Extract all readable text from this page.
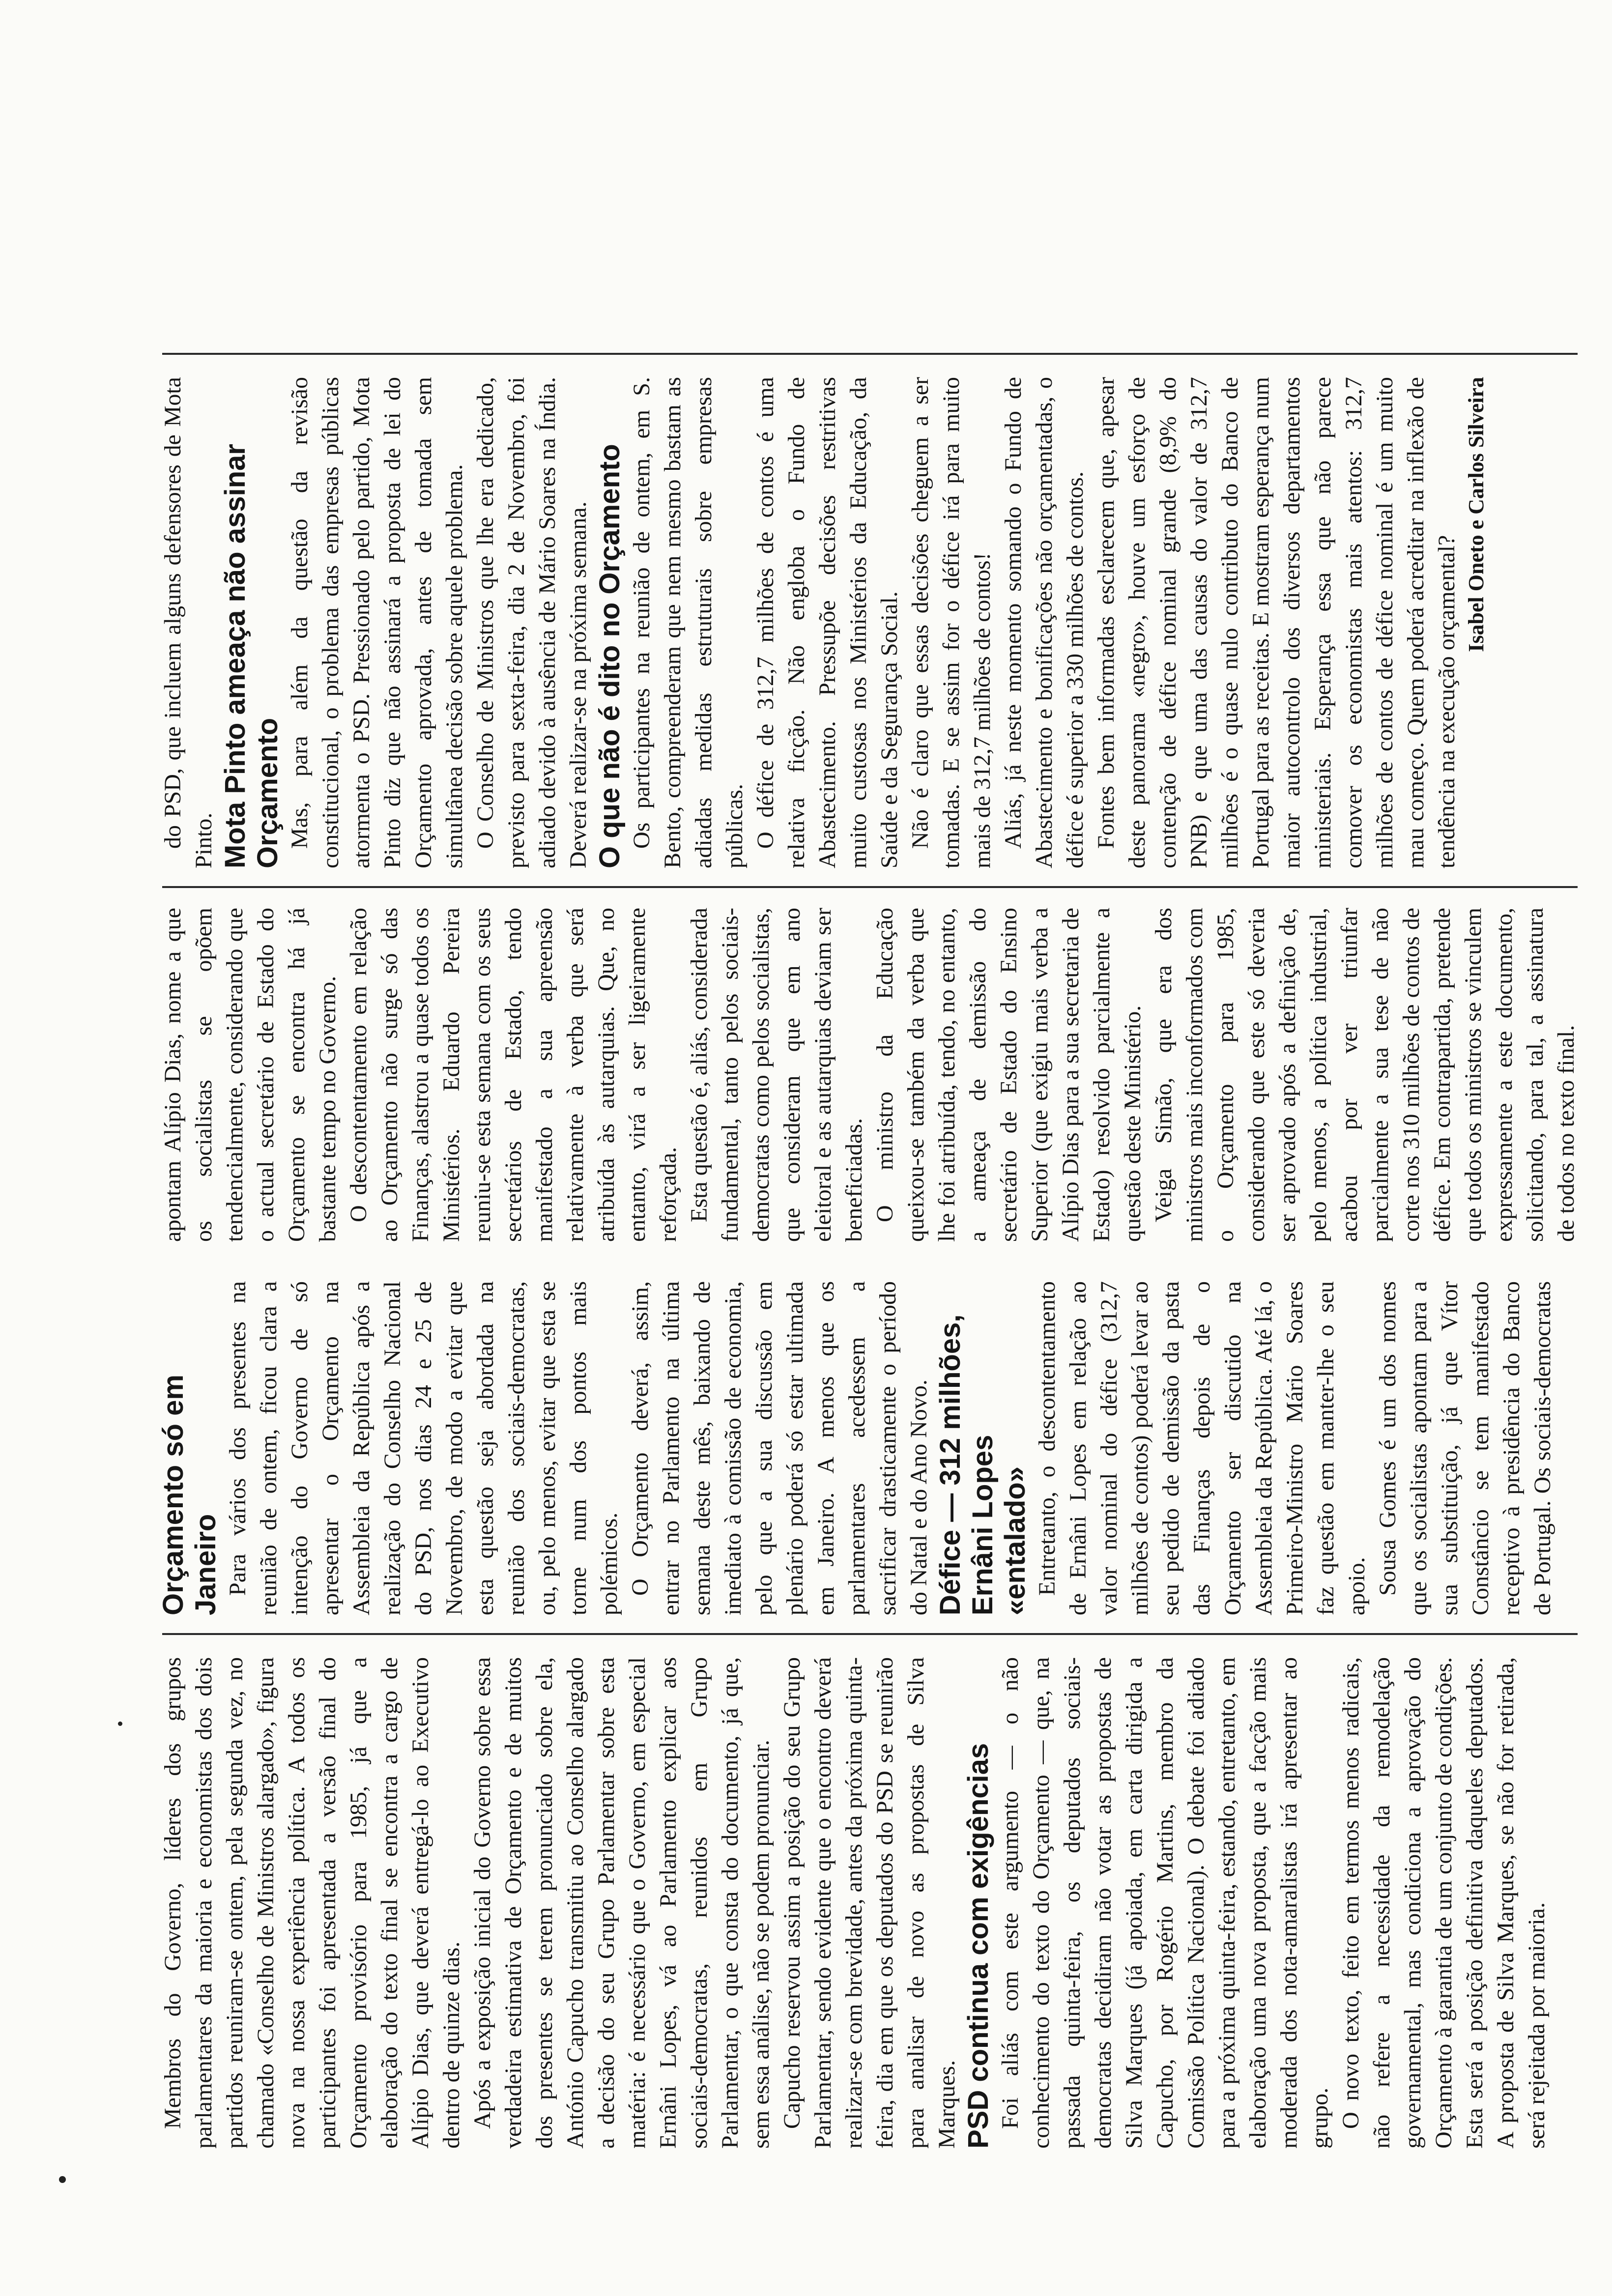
Membros do Governo, líderes dos grupos parlamentares da maioria e economistas dos dois partidos reuniram-se ontem, pela segunda vez, no chamado «Conselho de Ministros alargado», figura nova na nossa experiência política. A todos os participantes foi apresentada a versão final do Orçamento provisório para 1985, já que a elaboração do texto final se encontra a cargo de Alípio Dias, que deverá entregá-lo ao Executivo dentro de quinze dias. Após a exposição inicial do Governo sobre essa verdadeira estimativa de Orçamento e de muitos dos presentes se terem pronunciado sobre ela, António Capucho transmitiu ao Conselho alargado a decisão do seu Grupo Parlamentar sobre esta matéria: é necessário que o Governo, em especial Ernâni Lopes, vá ao Parlamento explicar aos sociais-democratas, reunidos em Grupo Parlamentar, o que consta do documento, já que, sem essa análise, não se podem pronunciar. Capucho reservou assim a posição do seu Grupo Parlamentar, sendo evidente que o encontro deverá realizar-se com brevidade, antes da próxima quinta-feira, dia em que os deputados do PSD se reunirão para analisar de novo as propostas de Silva Marques. PSD continua com exigências Foi aliás com este argumento — o não conhecimento do texto do Orçamento — que, na passada quinta-feira, os deputados sociais-democratas decidiram não votar as propostas de Silva Marques (já apoiada, em carta dirigida a Capucho, por Rogério Martins, membro da Comissão Política Nacional). O debate foi adiado para a próxima quinta-feira, estando, entretanto, em elaboração uma nova proposta, que a facção mais moderada dos nota-amaralistas irá apresentar ao grupo. O novo texto, feito em termos menos radicais, não refere a necessidade da remodelação governamental, mas condiciona a aprovação do Orçamento à garantia de um conjunto de condições. Esta será a posição definitiva daqueles deputados. A proposta de Silva Marques, se não for retirada, será rejeitada por maioria.

Orçamento só em Janeiro Para vários dos presentes na reunião de ontem, ficou clara a intenção do Governo de só apresentar o Orçamento na Assembleia da República após a realização do Conselho Nacional do PSD, nos dias 24 e 25 de Novembro, de modo a evitar que esta questão seja abordada na reunião dos sociais-democratas, ou, pelo menos, evitar que esta se torne num dos pontos mais polémicos. O Orçamento deverá, assim, entrar no Parlamento na última semana deste mês, baixando de imediato à comissão de economia, pelo que a sua discussão em plenário poderá só estar ultimada em Janeiro. A menos que os parlamentares acedessem a sacrificar drasticamente o período do Natal e do Ano Novo. Défice — 312 milhões, Ernâni Lopes «entalado» Entretanto, o descontentamento de Ernâni Lopes em relação ao valor nominal do défice (312,7 milhões de contos) poderá levar ao seu pedido de demissão da pasta das Finanças depois de o Orçamento ser discutido na Assembleia da República. Até lá, o Primeiro-Ministro Mário Soares faz questão em manter-lhe o seu apoio. Sousa Gomes é um dos nomes que os socialistas apontam para a sua substituição, já que Vítor Constâncio se tem manifestado receptivo à presidência do Banco de Portugal. Os sociais-democratas apontam Alípio Dias, nome a que os socialistas se opõem tendencialmente, considerando que o actual secretário de Estado do Orçamento se encontra há já bastante tempo no Governo. O descontentamento em relação ao Orçamento não surge só das Finanças, alastrou a quase todos os Ministérios. Eduardo Pereira reuniu-se esta semana com os seus secretários de Estado, tendo manifestado a sua apreensão relativamente à verba que será atribuída às autarquias. Que, no entanto, virá a ser ligeiramente reforçada. Esta questão é, aliás, considerada fundamental, tanto pelos sociais-democratas como pelos socialistas, que consideram que em ano eleitoral e as autarquias deviam ser beneficiadas. O ministro da Educação queixou-se também da verba que lhe foi atribuída, tendo, no entanto, a ameaça de demissão do secretário de Estado do Ensino Superior (que exigiu mais verba a Alípio Dias para a sua secretaria de Estado) resolvido parcialmente a questão deste Ministério. Veiga Simão, que era dos ministros mais inconformados com o Orçamento para 1985, considerando que este só deveria ser aprovado após a definição de, pelo menos, a política industrial, acabou por ver triunfar parcialmente a sua tese de não corte nos 310 milhões de contos de défice. Em contrapartida, pretende que todos os ministros se vinculem expressamente a este documento, solicitando, para tal, a assinatura de todos no texto final.

do PSD, que incluem alguns defensores de Mota Pinto. Mota Pinto ameaça não assinar Orçamento Mas, para além da questão da revisão constitucional, o problema das empresas públicas atormenta o PSD. Pressionado pelo partido, Mota Pinto diz que não assinará a proposta de lei do Orçamento aprovada, antes de tomada sem simultânea decisão sobre aquele problema. O Conselho de Ministros que lhe era dedicado, previsto para sexta-feira, dia 2 de Novembro, foi adiado devido à ausência de Mário Soares na Índia. Deverá realizar-se na próxima semana. O que não é dito no Orçamento Os participantes na reunião de ontem, em S. Bento, compreenderam que nem mesmo bastam as adiadas medidas estruturais sobre empresas públicas. O défice de 312,7 milhões de contos é uma relativa ficção. Não engloba o Fundo de Abastecimento. Pressupõe decisões restritivas muito custosas nos Ministérios da Educação, da Saúde e da Segurança Social. Não é claro que essas decisões cheguem a ser tomadas. E se assim for o défice irá para muito mais de 312,7 milhões de contos! Aliás, já neste momento somando o Fundo de Abastecimento e bonificações não orçamentadas, o défice é superior a 330 milhões de contos. Fontes bem informadas esclarecem que, apesar deste panorama «negro», houve um esforço de contenção de défice nominal grande (8,9% do PNB) e que uma das causas do valor de 312,7 milhões é o quase nulo contributo do Banco de Portugal para as receitas. E mostram esperança num maior autocontrolo dos diversos departamentos ministeriais. Esperança essa que não parece comover os economistas mais atentos: 312,7 milhões de contos de défice nominal é um muito mau começo. Quem poderá acreditar na inflexão de tendência na execução orçamental?

Isabel Oneto e Carlos Silveira
